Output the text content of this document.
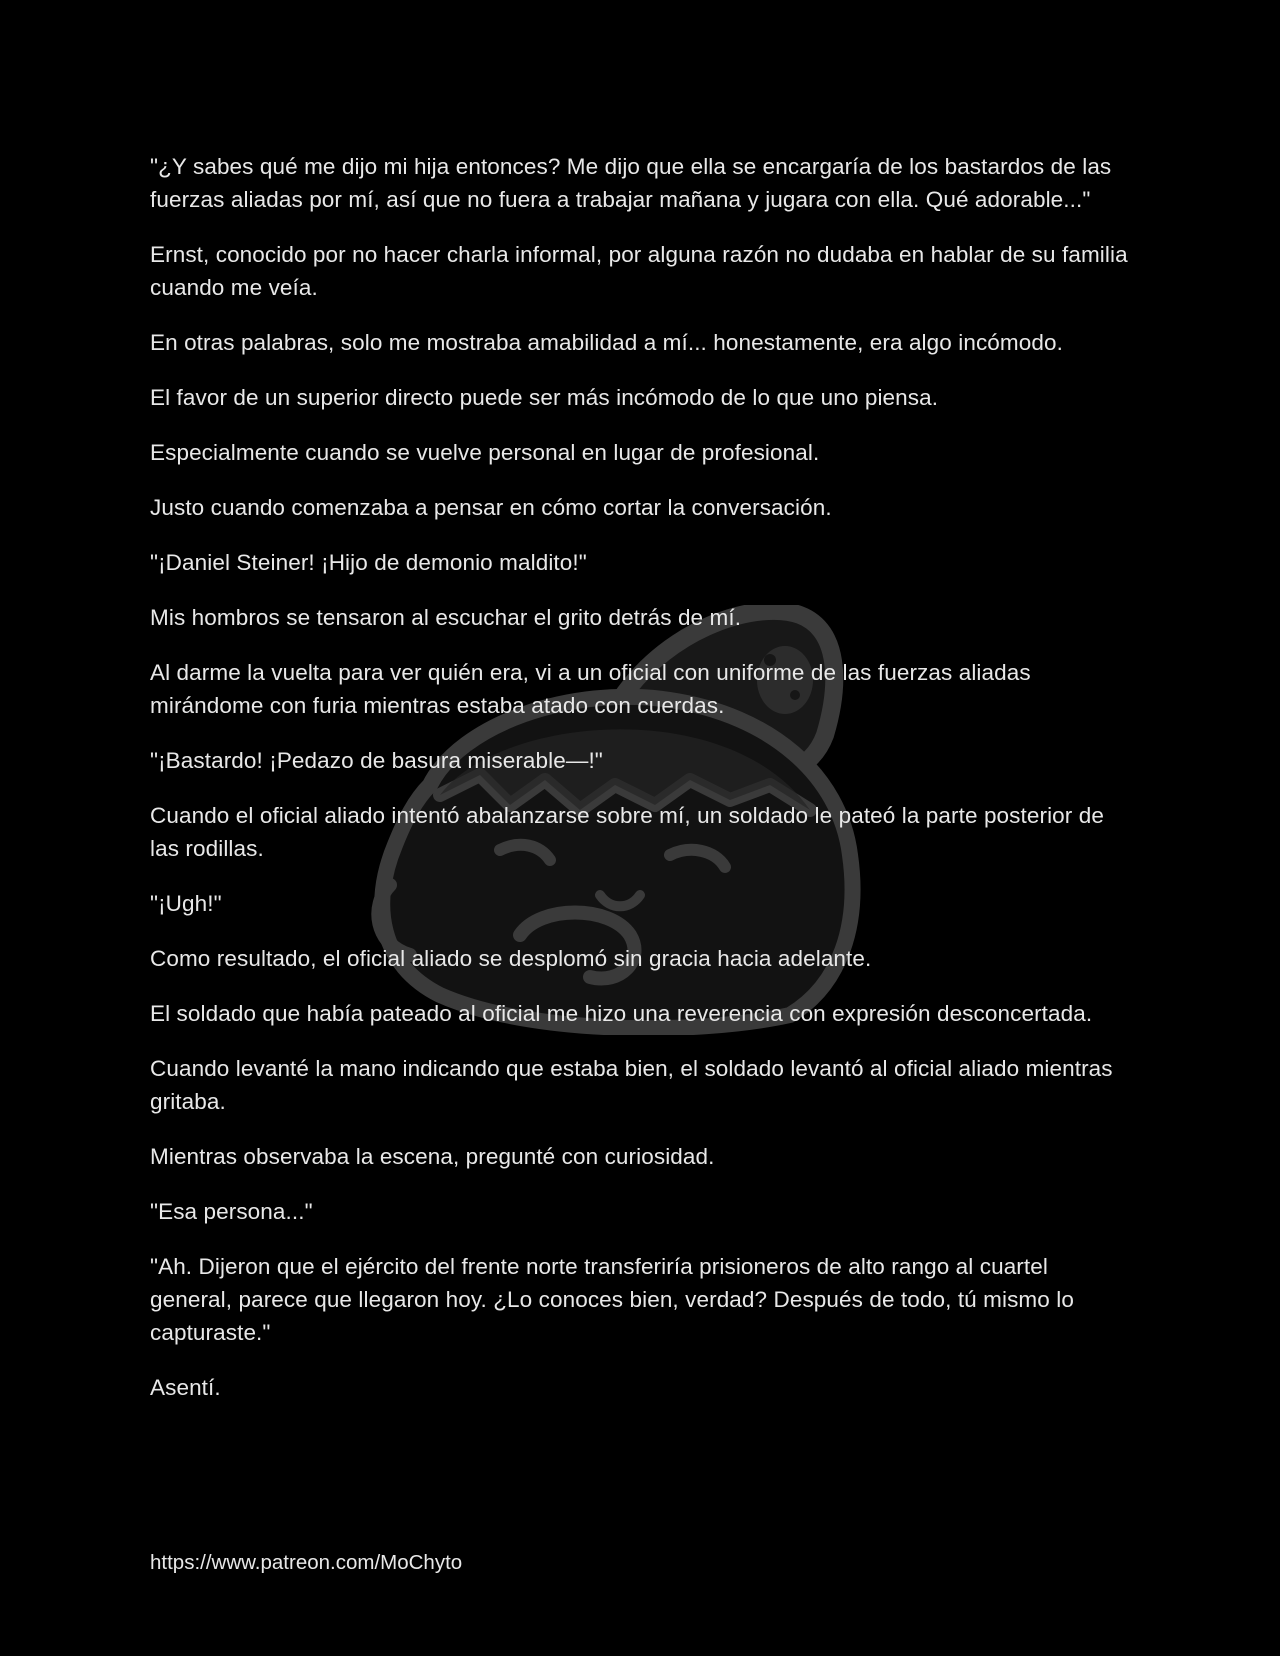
"¿Y sabes qué me dijo mi hija entonces? Me dijo que ella se encargaría de los bastardos de las fuerzas aliadas por mí, así que no fuera a trabajar mañana y jugara con ella. Qué adorable..."

Ernst, conocido por no hacer charla informal, por alguna razón no dudaba en hablar de su familia cuando me veía.

En otras palabras, solo me mostraba amabilidad a mí... honestamente, era algo incómodo.

El favor de un superior directo puede ser más incómodo de lo que uno piensa.

Especialmente cuando se vuelve personal en lugar de profesional.

Justo cuando comenzaba a pensar en cómo cortar la conversación.

"¡Daniel Steiner! ¡Hijo de demonio maldito!"

Mis hombros se tensaron al escuchar el grito detrás de mí.

Al darme la vuelta para ver quién era, vi a un oficial con uniforme de las fuerzas aliadas mirándome con furia mientras estaba atado con cuerdas.

"¡Bastardo! ¡Pedazo de basura miserable—!"

Cuando el oficial aliado intentó abalanzarse sobre mí, un soldado le pateó la parte posterior de las rodillas.

"¡Ugh!"

Como resultado, el oficial aliado se desplomó sin gracia hacia adelante.

El soldado que había pateado al oficial me hizo una reverencia con expresión desconcertada.

Cuando levanté la mano indicando que estaba bien, el soldado levantó al oficial aliado mientras gritaba.

Mientras observaba la escena, pregunté con curiosidad.

"Esa persona..."

"Ah. Dijeron que el ejército del frente norte transferiría prisioneros de alto rango al cuartel general, parece que llegaron hoy. ¿Lo conoces bien, verdad? Después de todo, tú mismo lo capturaste."

Asentí.

https://www.patreon.com/MoChyto
